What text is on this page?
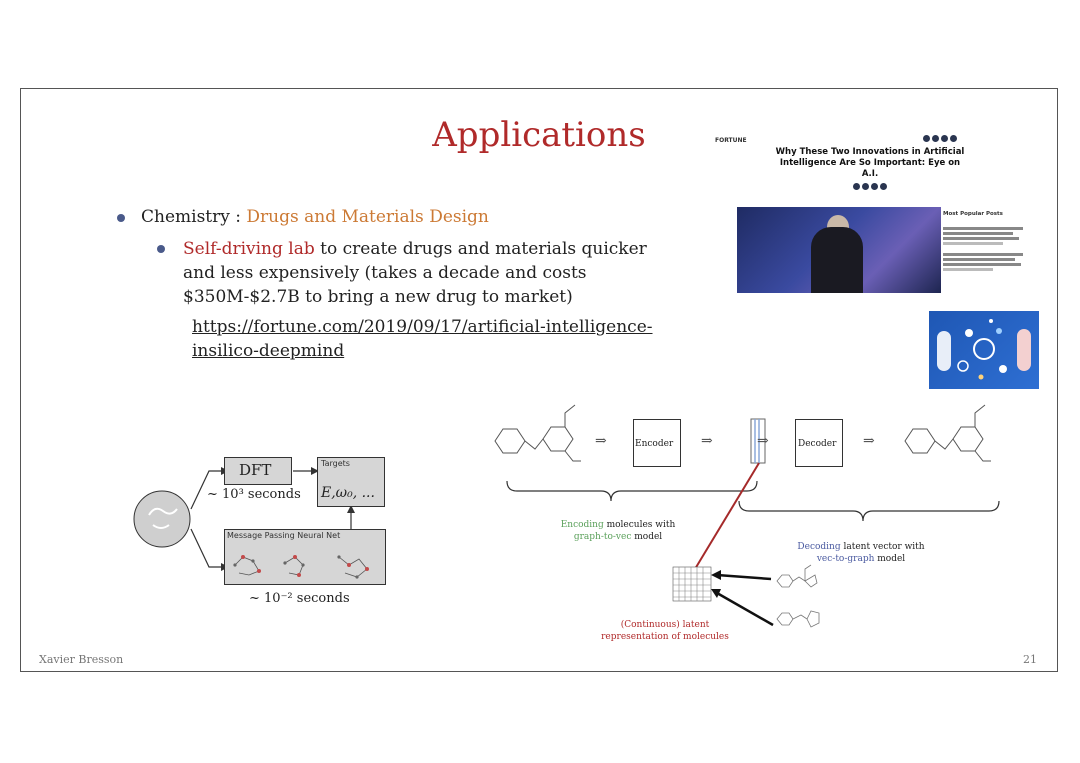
Applications
Chemistry : Drugs and Materials Design
Self-driving lab to create drugs and materials quicker and less expensively (takes a decade and costs $350M-$2.7B to bring a new drug to market)
https://fortune.com/2019/09/17/artificial-intelligence-insilico-deepmind
FORTUNE
Why These Two Innovations in Artificial Intelligence Are So Important: Eye on A.I.
Most Popular Posts

DFT
~ 10³ seconds
Targets
E,ω₀, ...
Message Passing Neural Net
~ 10⁻² seconds
Encoder	Decoder
⇒	⇒	⇒	⇒
Encoding molecules with
graph-to-vec model
Decoding latent vector with
vec-to-graph model
(Continuous) latent
representation of molecules
Xavier Bresson	21
